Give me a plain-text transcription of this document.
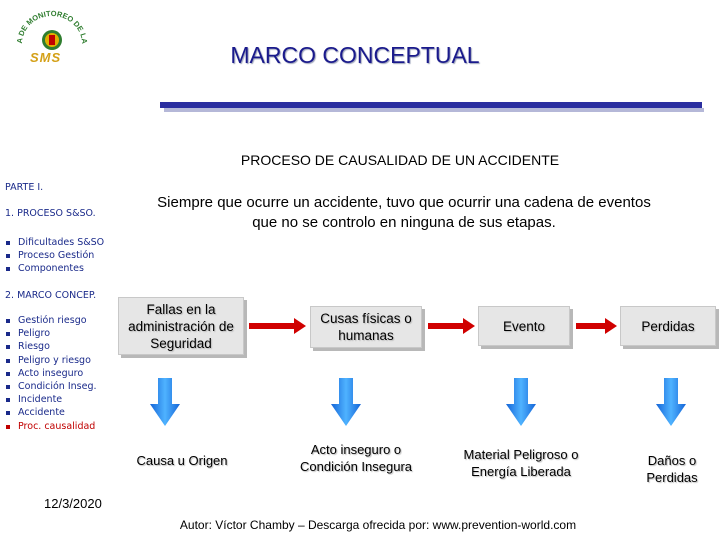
A DE MONITOREO DE LA
SMS	MARCO CONCEPTUAL
PROCESO DE CAUSALIDAD DE UN ACCIDENTE
PARTE I.
1. PROCESO S&SO.
Dificultades S&SO
Proceso Gestión
Componentes
2. MARCO CONCEP.
Gestión riesgo
Peligro
Riesgo
Peligro y riesgo
Acto inseguro
Condición Inseg.
Incidente
Accidente
Proc. causalidad
Siempre que ocurre un accidente, tuvo que ocurrir una cadena de eventos que no se controlo en ninguna de sus etapas.
Fallas en la administración de Seguridad
Cusas físicas o humanas
Evento	Perdidas
Causa u Origen
Acto inseguro o Condición Insegura
Material Peligroso o Energía Liberada
Daños o Perdidas
12/3/2020
Autor: Víctor Chamby – Descarga ofrecida por: www.prevention-world.com
